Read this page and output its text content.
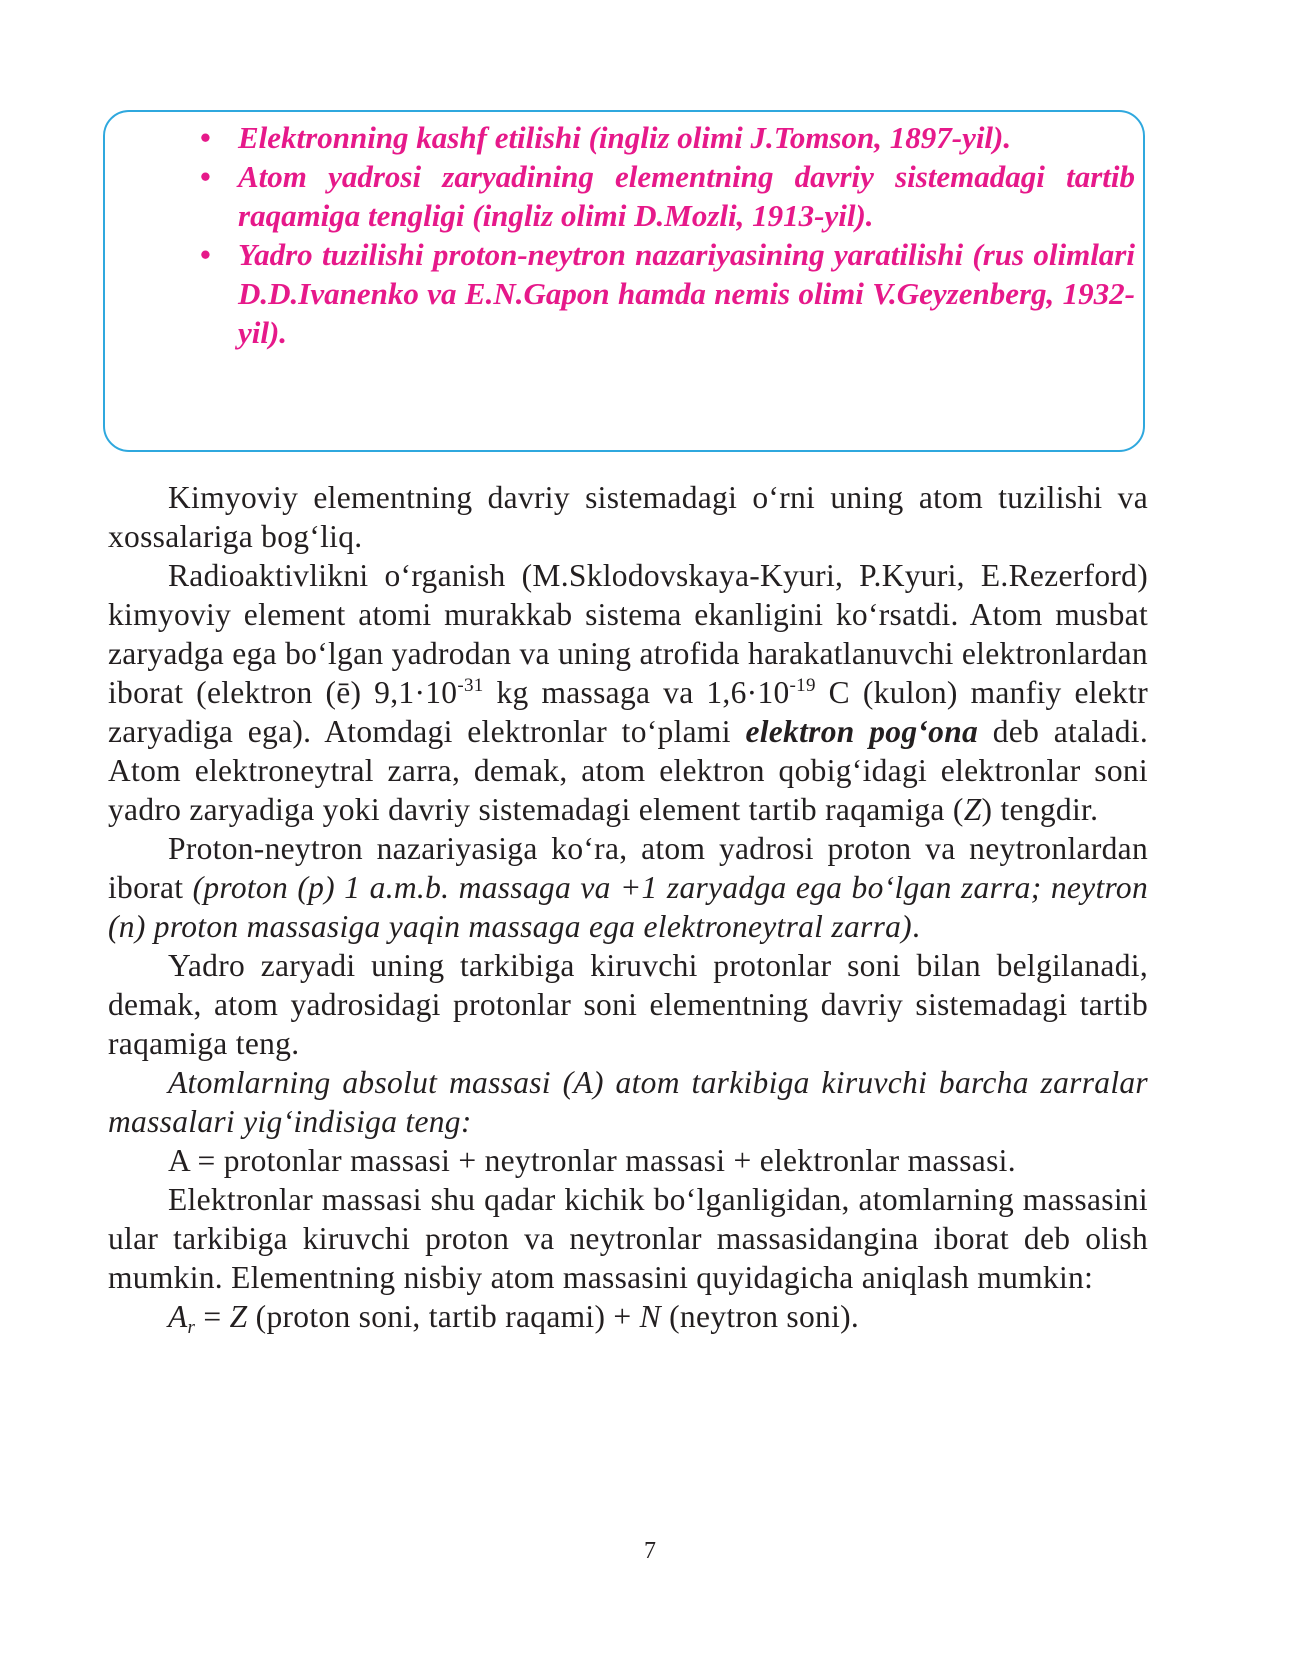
• Elektronning kashf etilishi (ingliz olimi J.Tomson, 1897-yil).
• Atom yadrosi zaryadining elementning davriy sistemadagi tartib raqamiga tengligi (ingliz olimi D.Mozli, 1913-yil).
• Yadro tuzilishi proton-neytron nazariyasining yaratilishi (rus olimlari D.D.Ivanenko va E.N.Gapon hamda nemis olimi V.Geyzenberg, 1932- yil).

Kimyoviy elementning davriy sistemadagi o‘rni uning atom tuzilishi va xossalariga bog‘liq.

Radioaktivlikni o‘rganish (M.Sklodovskaya-Kyuri, P.Kyuri, E.Rezerford) kimyoviy element atomi murakkab sistema ekanligini ko‘rsatdi. Atom musbat zaryadga ega bo‘lgan yadrodan va uning atrofida harakatlanuvchi elektronlardan iborat (elektron (ē) $9,1\cdot 10^{-31}$ kg massaga va $1,6\cdot 10^{-19}$ C (kulon) manfiy elektr zaryadiga ega). Atomdagi elektronlar to‘plami elektron pog‘ona deb ataladi. Atom elektroneytral zarra, demak, atom elektron qobig‘idagi elektronlar soni yadro zaryadiga yoki davriy sistemadagi element tartib raqamiga (Z) tengdir.

Proton-neytron nazariyasiga ko‘ra, atom yadrosi proton va neytronlardan iborat (proton (p) 1 a.m.b. massaga va +1 zaryadga ega bo‘lgan zarra; neytron (n) proton massasiga yaqin massaga ega elektroneytral zarra).

Yadro zaryadi uning tarkibiga kiruvchi protonlar soni bilan belgilanadi, demak, atom yadrosidagi protonlar soni elementning davriy sistemadagi tartib raqamiga teng.

Atomlarning absolut massasi (A) atom tarkibiga kiruvchi barcha zarralar massalari yig‘indisiga teng:

A = protonlar massasi + neytronlar massasi + elektronlar massasi.

Elektronlar massasi shu qadar kichik bo‘lganligidan, atomlarning massasini ular tarkibiga kiruvchi proton va neytronlar massasidangina iborat deb olish mumkin. Elementning nisbiy atom massasini quyidagicha aniqlash mumkin:

$A_r = Z$ (proton soni, tartib raqami) + N (neytron soni).

7
